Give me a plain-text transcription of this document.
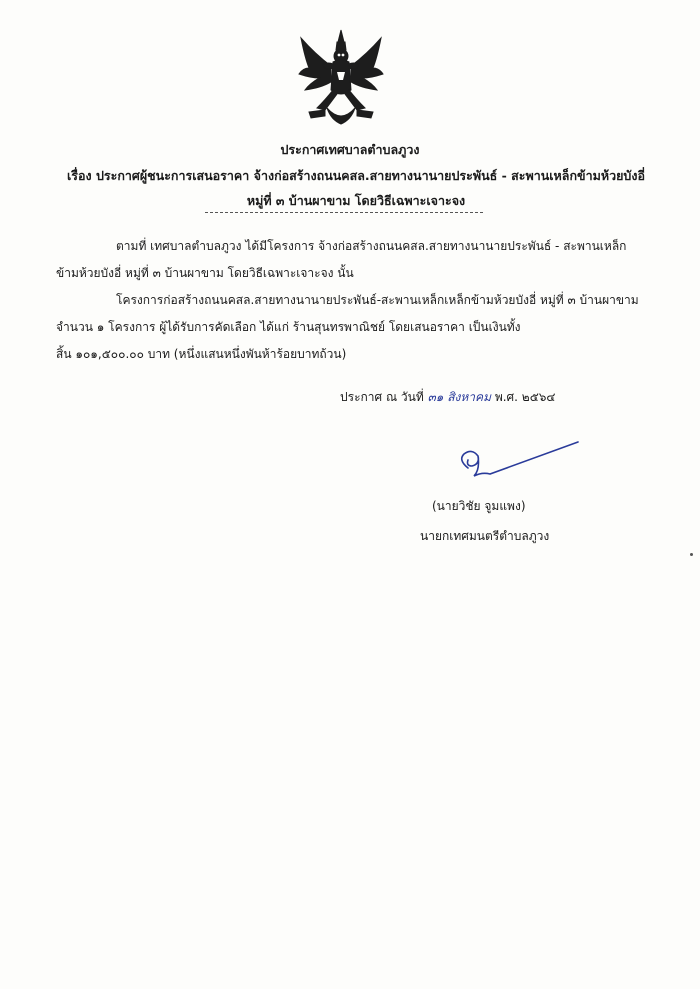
ประกาศเทศบาลตำบลภูวง
เรื่อง ประกาศผู้ชนะการเสนอราคา จ้างก่อสร้างถนนคสล.สายทางนานายประพันธ์ - สะพานเหล็กข้ามห้วยบังอี่
หมู่ที่ ๓ บ้านผาขาม โดยวิธีเฉพาะเจาะจง
ตามที่ เทศบาลตำบลภูวง ได้มีโครงการ จ้างก่อสร้างถนนคสล.สายทางนานายประพันธ์ - สะพานเหล็ก
ข้ามห้วยบังอี่ หมู่ที่ ๓ บ้านผาขาม โดยวิธีเฉพาะเจาะจง นั้น
โครงการก่อสร้างถนนคสล.สายทางนานายประพันธ์-สะพานเหล็กเหล็กข้ามห้วยบังอี่ หมู่ที่ ๓ บ้านผาขาม
จำนวน ๑ โครงการ ผู้ได้รับการคัดเลือก ได้แก่ ร้านสุนทรพาณิชย์ โดยเสนอราคา เป็นเงินทั้ง
สิ้น ๑๐๑,๕๐๐.๐๐ บาท (หนึ่งแสนหนึ่งพันห้าร้อยบาทถ้วน)
ประกาศ ณ วันที่ ๓๑ สิงหาคม พ.ศ. ๒๕๖๔
(นายวิชัย จูมแพง)
นายกเทศมนตรีตำบลภูวง
